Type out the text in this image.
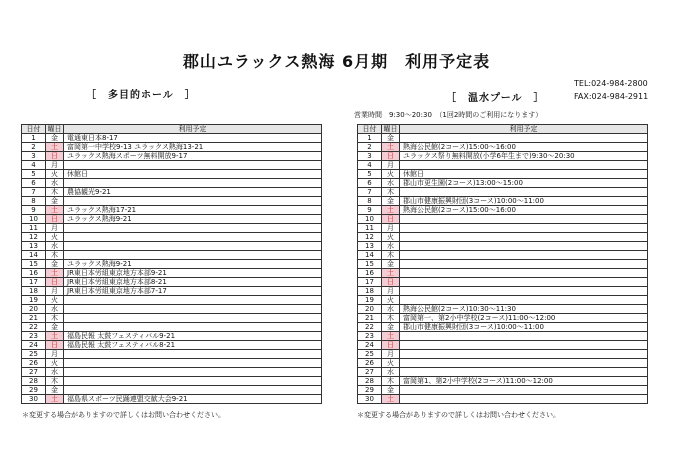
郡山ユラックス熱海 6月期　利用予定表
TEL:024-984-2800
FAX:024-984-2911
［　多目的ホール　］	［　温水プール　］
営業時間　9:30～20:30　（1回2時間のご利用になります）
日付	曜日	利用予定
1	金	電通東日本8-17
2	土	富岡第一中学校9-13 ユラックス熱海13-21
3	日	ユラックス熱海スポーツ無料開放9-17
4	月	
5	火	休館日
6	水	
7	木	農協観光9-21
8	金	
9	土	ユラックス熱海17-21
10	日	ユラックス熱海9-21
11	月	
12	火	
13	水	
14	木	
15	金	ユラックス熱海9-21
16	土	JR東日本労組東京地方本部9-21
17	日	JR東日本労組東京地方本部8-21
18	月	JR東日本労組東京地方本部7-17
19	火	
20	水	
21	木	
22	金	
23	土	福島民報 太鼓フェスティバル9-21
24	日	福島民報 太鼓フェスティバル8-21
25	月	
26	火	
27	水	
28	木	
29	金	
30	土	福島県スポーツ民踊連盟交歓大会9-21
日付	曜日	利用予定
1	金	
2	土	熱海公民館(2コース)15:00～16:00
3	日	ユラックス祭り無料開放(小学6年生まで)9:30～20:30
4	月	
5	火	休館日
6	水	郡山市更生園(2コース)13:00～15:00
7	木	
8	金	郡山市健康振興財団(3コース)10:00～11:00
9	土	熱海公民館(2コース)15:00～16:00
10	日	
11	月	
12	火	
13	水	
14	木	
15	金	
16	土	
17	日	
18	月	
19	火	
20	水	熱海公民館(2コース)10:30～11:30
21	木	富岡第一、第2小中学校(2コース)11:00～12:00
22	金	郡山市健康振興財団(3コース)10:00～11:00
23	土	
24	日	
25	月	
26	火	
27	水	
28	木	富岡第1、第2小中学校(2コース)11:00～12:00
29	金	
30	土	
＊変更する場合がありますので詳しくはお問い合わせください。	＊変更する場合がありますので詳しくはお問い合わせください。
